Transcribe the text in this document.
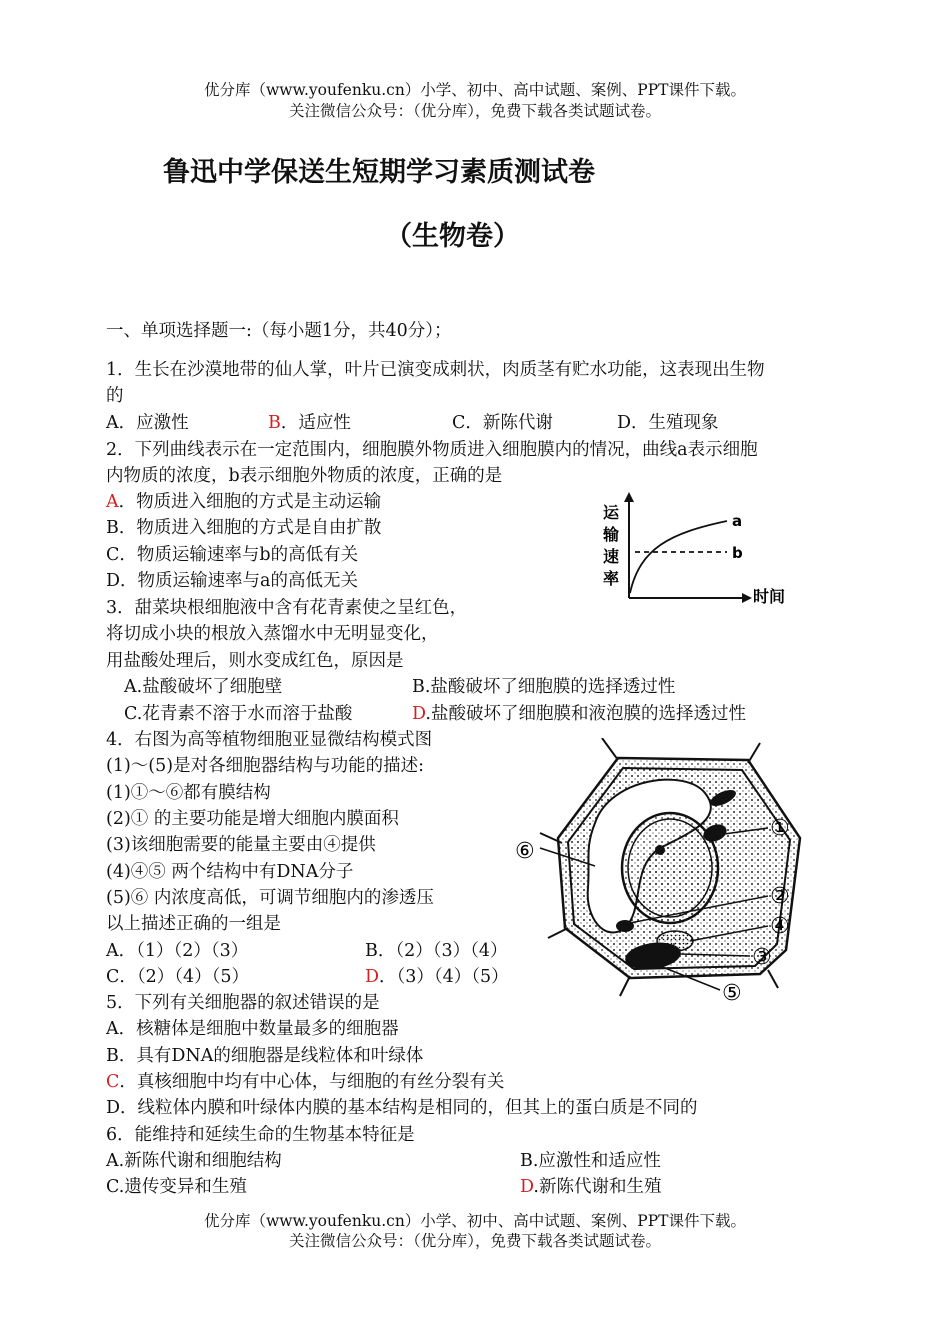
优分库（www.youfenku.cn）小学、初中、高中试题、案例、PPT课件下载。
关注微信公众号：（优分库），免费下载各类试题试卷。
鲁迅中学保送生短期学习素质测试卷
（生物卷）
一、单项选择题一:（每小题1分，共40分）；
1．生长在沙漠地带的仙人掌，叶片已演变成刺状，肉质茎有贮水功能，这表现出生物
的
A．应激性	B．适应性	C．新陈代谢	D．生殖现象
2．下列曲线表示在一定范围内，细胞膜外物质进入细胞膜内的情况，曲线a表示细胞
内物质的浓度，b表示细胞外物质的浓度，正确的是
A．物质进入细胞的方式是主动运输
B．物质进入细胞的方式是自由扩散
C．物质运输速率与b的高低有关
D．物质运输速率与a的高低无关
运
输
速
率
a
b
时间
3．甜菜块根细胞液中含有花青素使之呈红色，
将切成小块的根放入蒸馏水中无明显变化，
用盐酸处理后，则水变成红色，原因是
A.盐酸破坏了细胞壁	B.盐酸破坏了细胞膜的选择透过性
C.花青素不溶于水而溶于盐酸	D.盐酸破坏了细胞膜和液泡膜的选择透过性
4．右图为高等植物细胞亚显微结构模式图
(1)～(5)是对各细胞器结构与功能的描述:
(1)①～⑥都有膜结构
(2)① 的主要功能是增大细胞内膜面积
(3)该细胞需要的能量主要由④提供
(4)④⑤ 两个结构中有DNA分子
(5)⑥ 内浓度高低，可调节细胞内的渗透压
以上描述正确的一组是
A．（1）（2）（3）	B．（2）（3）（4）
C．（2）（4）（5）	D．（3）（4）（5）
①
②
④
③
⑤
⑥
5．下列有关细胞器的叙述错误的是
A．核糖体是细胞中数量最多的细胞器
B．具有DNA的细胞器是线粒体和叶绿体
C．真核细胞中均有中心体，与细胞的有丝分裂有关
D．线粒体内膜和叶绿体内膜的基本结构是相同的，但其上的蛋白质是不同的
6．能维持和延续生命的生物基本特征是
A.新陈代谢和细胞结构	B.应激性和适应性
C.遗传变异和生殖	D.新陈代谢和生殖
优分库（www.youfenku.cn）小学、初中、高中试题、案例、PPT课件下载。
关注微信公众号：（优分库），免费下载各类试题试卷。
